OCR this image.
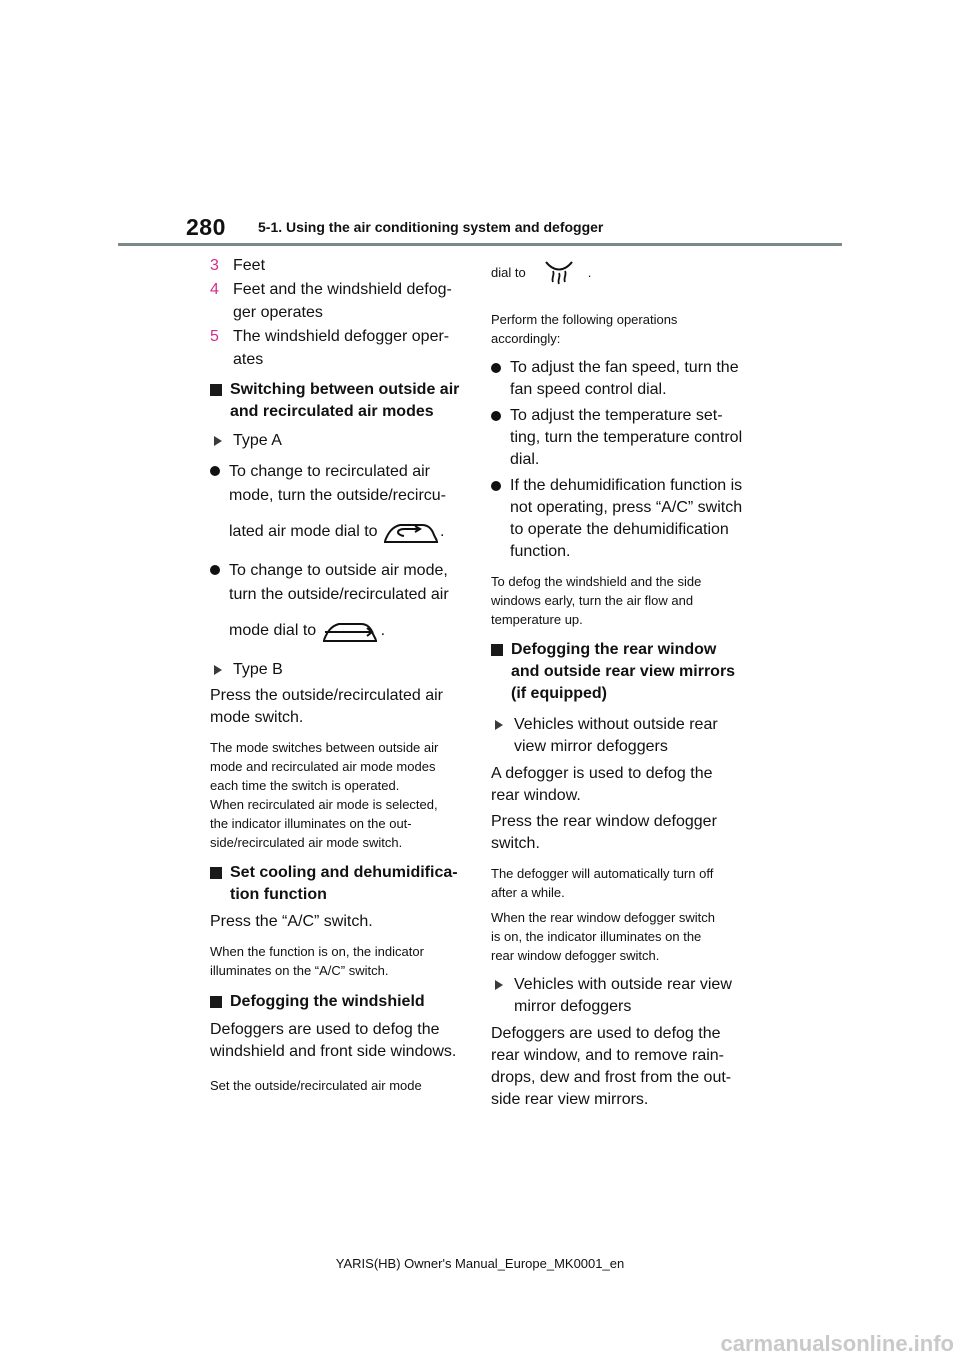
280 5-1. Using the air conditioning system and defogger
3 Feet
4 Feet and the windshield defog-
ger operates
5 The windshield defogger oper-
ates
Switching between outside air
and recirculated air modes
Type A
To change to recirculated air
mode, turn the outside/recircu-
lated air mode dial to	.
To change to outside air mode,
turn the outside/recirculated air
mode dial to	.
Type B

Press the outside/recirculated air
mode switch.

The mode switches between outside air
mode and recirculated air mode modes
each time the switch is operated.
When recirculated air mode is selected,
the indicator illuminates on the out-
side/recirculated air mode switch.

Set cooling and dehumidifica-
tion function

Press the “A/C” switch.

When the function is on, the indicator
illuminates on the “A/C” switch.

Defogging the windshield

Defoggers are used to defog the
windshield and front side windows.

Set the outside/recirculated air mode

dial to	.

Perform the following operations
accordingly:

To adjust the fan speed, turn the
fan speed control dial.
To adjust the temperature set-
ting, turn the temperature control
dial.
If the dehumidification function is
not operating, press “A/C” switch
to operate the dehumidification
function.

To defog the windshield and the side
windows early, turn the air flow and
temperature up.

Defogging the rear window
and outside rear view mirrors
(if equipped)
Vehicles without outside rear
view mirror defoggers

A defogger is used to defog the
rear window.

Press the rear window defogger
switch.

The defogger will automatically turn off
after a while.

When the rear window defogger switch
is on, the indicator illuminates on the
rear window defogger switch.

Vehicles with outside rear view
mirror defoggers

Defoggers are used to defog the
rear window, and to remove rain-
drops, dew and frost from the out-
side rear view mirrors.

YARIS(HB) Owner's Manual_Europe_MK0001_en
carmanualsonline.info
